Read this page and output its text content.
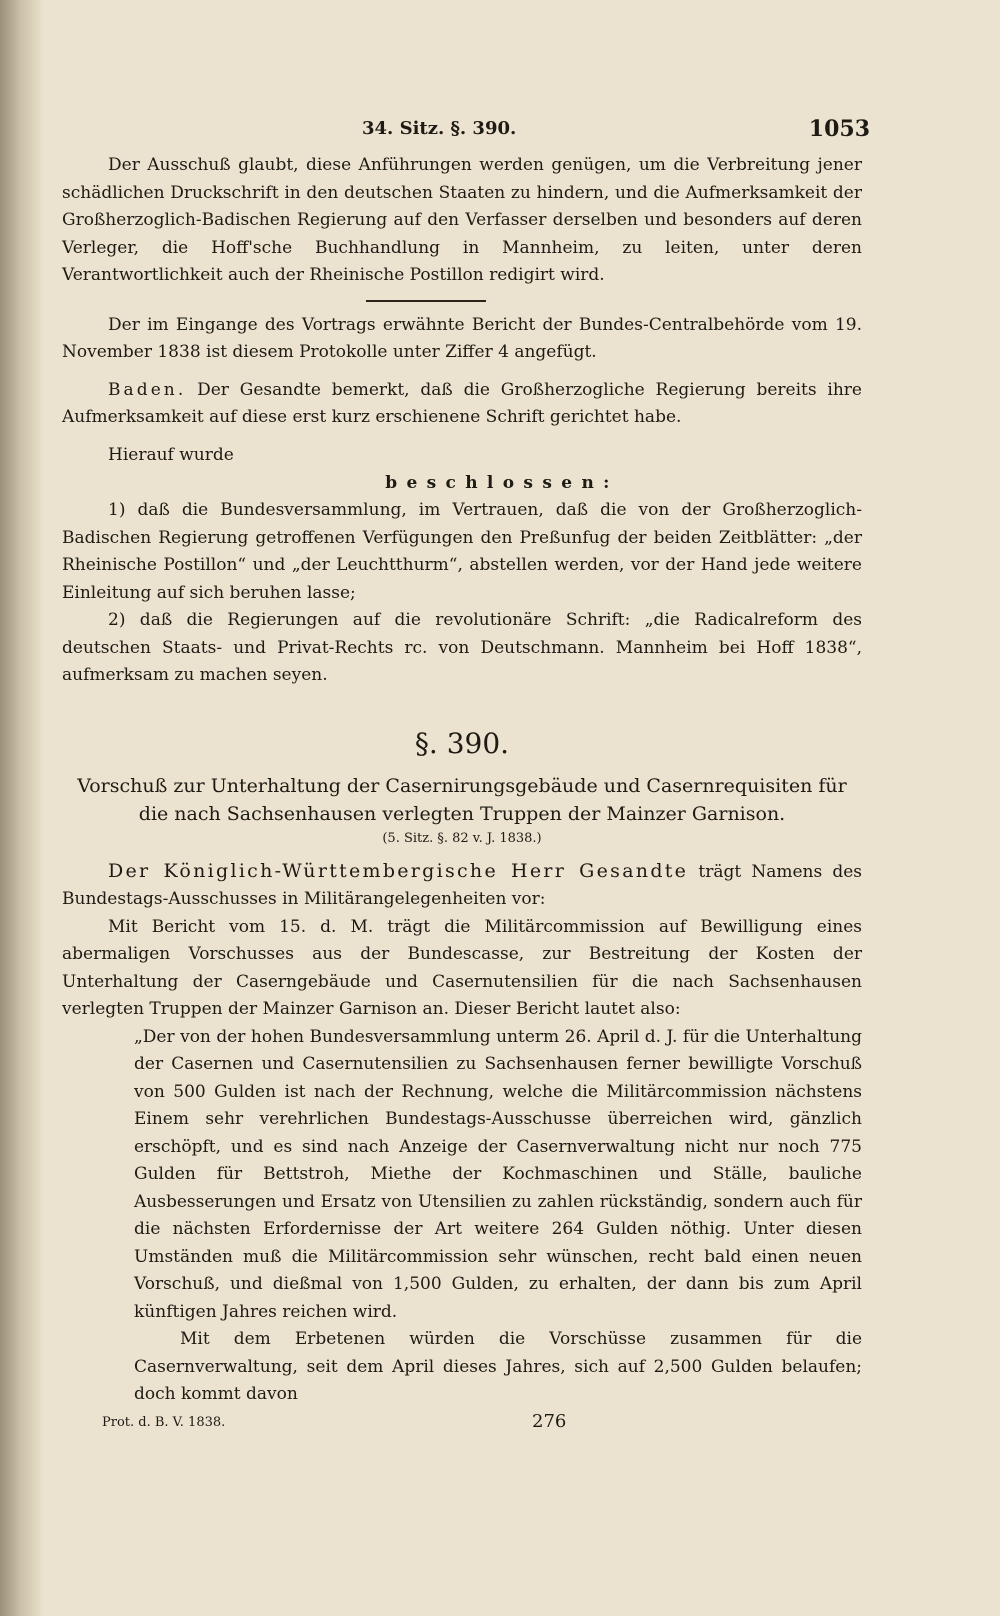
34. Sitz. §. 390.	1053

Der Ausschuß glaubt, diese Anführungen werden genügen, um die Verbreitung jener schädlichen Druckschrift in den deutschen Staaten zu hindern, und die Aufmerksamkeit der Großherzoglich-Badischen Regierung auf den Verfasser derselben und besonders auf deren Verleger, die Hoff'sche Buchhandlung in Mannheim, zu leiten, unter deren Verantwortlichkeit auch der Rheinische Postillon redigirt wird.

Der im Eingange des Vortrags erwähnte Bericht der Bundes-Centralbehörde vom 19. November 1838 ist diesem Protokolle unter Ziffer 4 angefügt.

Baden. Der Gesandte bemerkt, daß die Großherzogliche Regierung bereits ihre Aufmerksamkeit auf diese erst kurz erschienene Schrift gerichtet habe.

Hierauf wurde

beschlossen:

1) daß die Bundesversammlung, im Vertrauen, daß die von der Großherzoglich-Badischen Regierung getroffenen Verfügungen den Preßunfug der beiden Zeitblätter: „der Rheinische Postillon“ und „der Leuchtthurm“, abstellen werden, vor der Hand jede weitere Einleitung auf sich beruhen lasse;

2) daß die Regierungen auf die revolutionäre Schrift: „die Radicalreform des deutschen Staats- und Privat-Rechts rc. von Deutschmann. Mannheim bei Hoff 1838“, aufmerksam zu machen seyen.

§. 390.
Vorschuß zur Unterhaltung der Casernirungsgebäude und Casernrequisiten für die nach Sachsenhausen verlegten Truppen der Mainzer Garnison.
(5. Sitz. §. 82 v. J. 1838.)

Der Königlich-Württembergische Herr Gesandte trägt Namens des Bundestags-Ausschusses in Militärangelegenheiten vor:

Mit Bericht vom 15. d. M. trägt die Militärcommission auf Bewilligung eines abermaligen Vorschusses aus der Bundescasse, zur Bestreitung der Kosten der Unterhaltung der Caserngebäude und Casernutensilien für die nach Sachsenhausen verlegten Truppen der Mainzer Garnison an. Dieser Bericht lautet also:

„Der von der hohen Bundesversammlung unterm 26. April d. J. für die Unterhaltung der Casernen und Casernutensilien zu Sachsenhausen ferner bewilligte Vorschuß von 500 Gulden ist nach der Rechnung, welche die Militärcommission nächstens Einem sehr verehrlichen Bundestags-Ausschusse überreichen wird, gänzlich erschöpft, und es sind nach Anzeige der Casernverwaltung nicht nur noch 775 Gulden für Bettstroh, Miethe der Kochmaschinen und Ställe, bauliche Ausbesserungen und Ersatz von Utensilien zu zahlen rückständig, sondern auch für die nächsten Erfordernisse der Art weitere 264 Gulden nöthig. Unter diesen Umständen muß die Militärcommission sehr wünschen, recht bald einen neuen Vorschuß, und dießmal von 1,500 Gulden, zu erhalten, der dann bis zum April künftigen Jahres reichen wird.

Mit dem Erbetenen würden die Vorschüsse zusammen für die Casernverwaltung, seit dem April dieses Jahres, sich auf 2,500 Gulden belaufen; doch kommt davon

Prot. d. B. V. 1838.	276
